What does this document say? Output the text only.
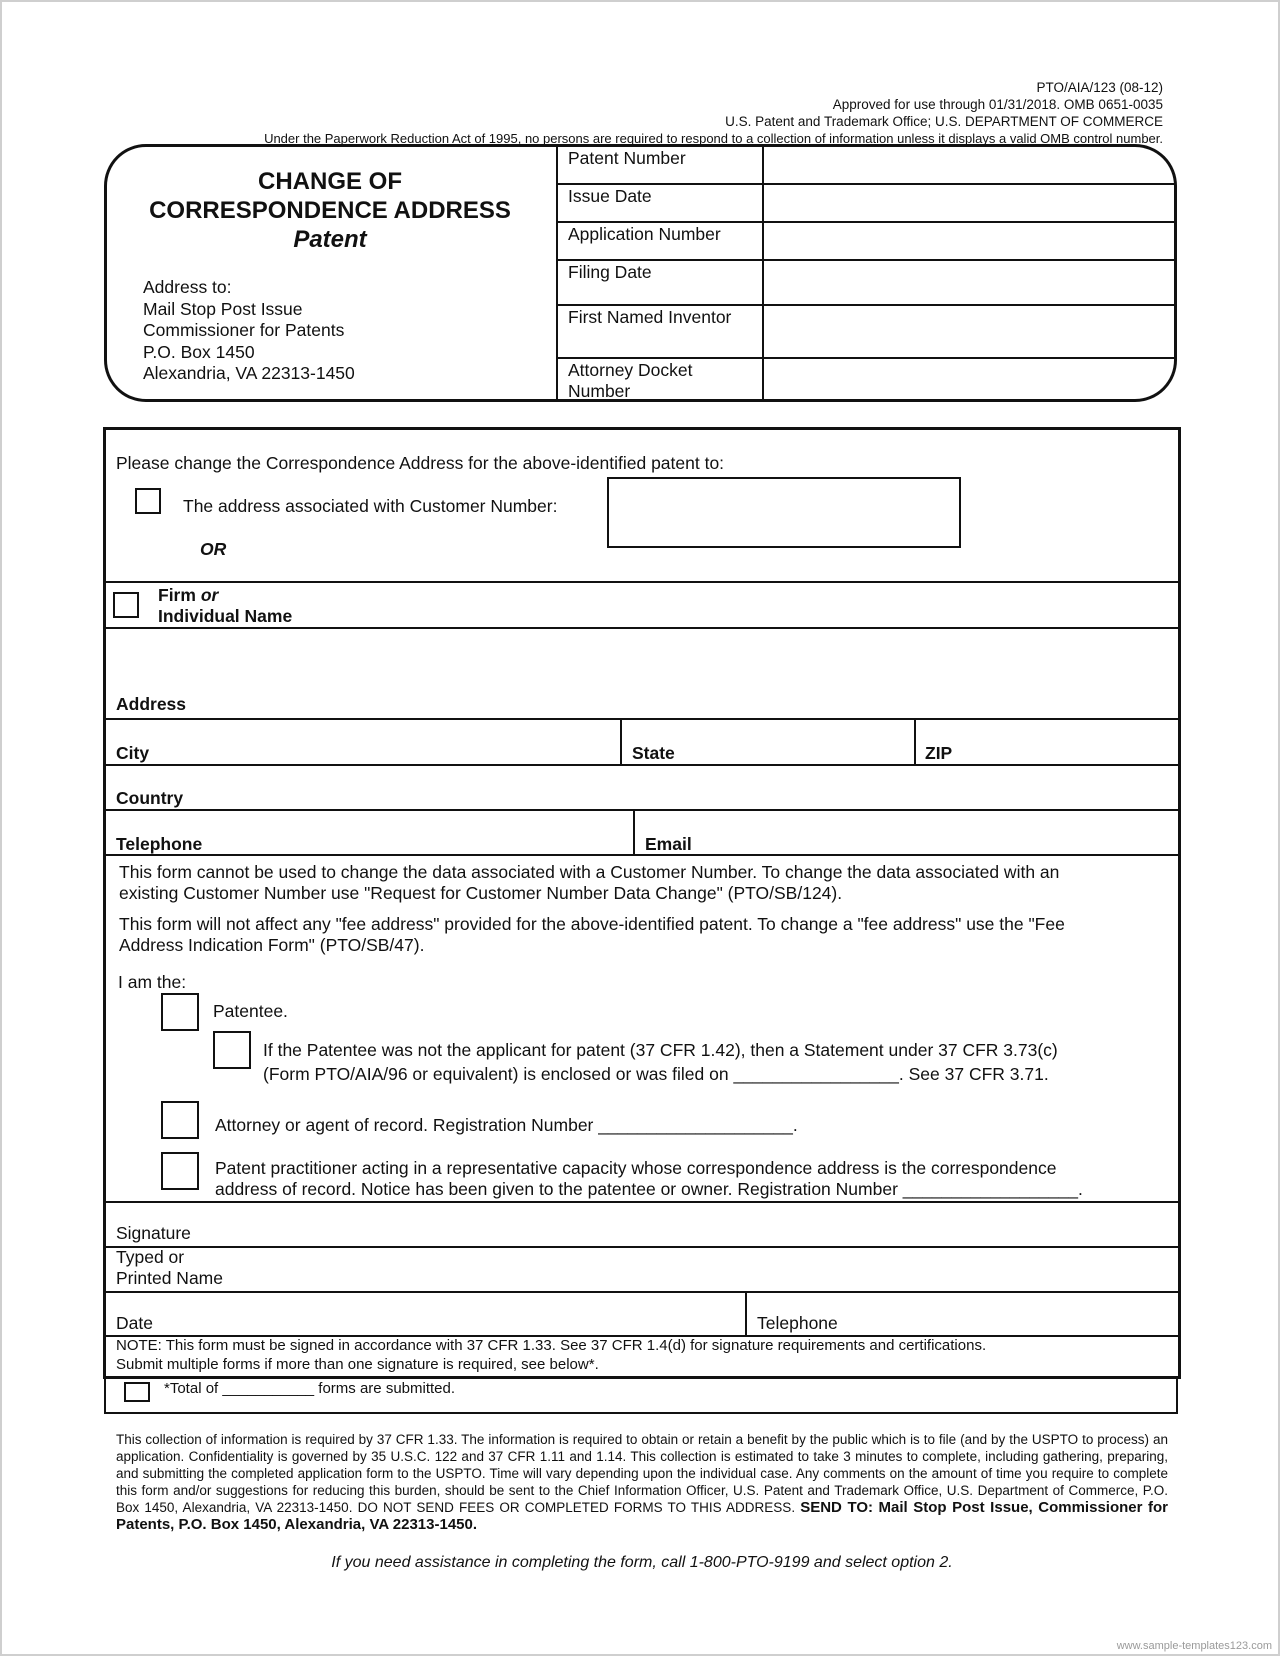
PTO/AIA/123 (08-12)
Approved for use through 01/31/2018. OMB 0651-0035
U.S. Patent and Trademark Office; U.S. DEPARTMENT OF COMMERCE
Under the Paperwork Reduction Act of 1995, no persons are required to respond to a collection of information unless it displays a valid OMB control number.
CHANGE OF
CORRESPONDENCE ADDRESS
Patent
Address to:
Mail Stop Post Issue
Commissioner for Patents
P.O. Box 1450
Alexandria, VA 22313-1450
Patent Number
Issue Date
Application Number
Filing Date
First Named Inventor
Attorney Docket
Number
Please change the Correspondence Address for the above-identified patent to:
The address associated with Customer Number:
OR
Firm or
Individual Name
Address
City	State	ZIP
Country
Telephone	Email
This form cannot be used to change the data associated with a Customer Number. To change the data associated with an
existing Customer Number use "Request for Customer Number Data Change" (PTO/SB/124).
This form will not affect any "fee address" provided for the above-identified patent. To change a "fee address" use the "Fee
Address Indication Form" (PTO/SB/47).
I am the:
Patentee.
If the Patentee was not the applicant for patent (37 CFR 1.42), then a Statement under 37 CFR 3.73(c)
(Form PTO/AIA/96 or equivalent) is enclosed or was filed on _________________. See 37 CFR 3.71.
Attorney or agent of record. Registration Number ____________________.
Patent practitioner acting in a representative capacity whose correspondence address is the correspondence
address of record. Notice has been given to the patentee or owner. Registration Number __________________.
Signature
Typed or
Printed Name
Date	Telephone
NOTE: This form must be signed in accordance with 37 CFR 1.33. See 37 CFR 1.4(d) for signature requirements and certifications.
Submit multiple forms if more than one signature is required, see below*.
*Total of ___________ forms are submitted.
This collection of information is required by 37 CFR 1.33. The information is required to obtain or retain a benefit by the public which is to file (and by the USPTO to process) an application. Confidentiality is governed by 35 U.S.C. 122 and 37 CFR 1.11 and 1.14. This collection is estimated to take 3 minutes to complete, including gathering, preparing, and submitting the completed application form to the USPTO. Time will vary depending upon the individual case. Any comments on the amount of time you require to complete this form and/or suggestions for reducing this burden, should be sent to the Chief Information Officer, U.S. Patent and Trademark Office, U.S. Department of Commerce, P.O. Box 1450, Alexandria, VA 22313-1450. DO NOT SEND FEES OR COMPLETED FORMS TO THIS ADDRESS. SEND TO: Mail Stop Post Issue, Commissioner for Patents, P.O. Box 1450, Alexandria, VA 22313-1450.
If you need assistance in completing the form, call 1-800-PTO-9199 and select option 2.
www.sample-templates123.com
